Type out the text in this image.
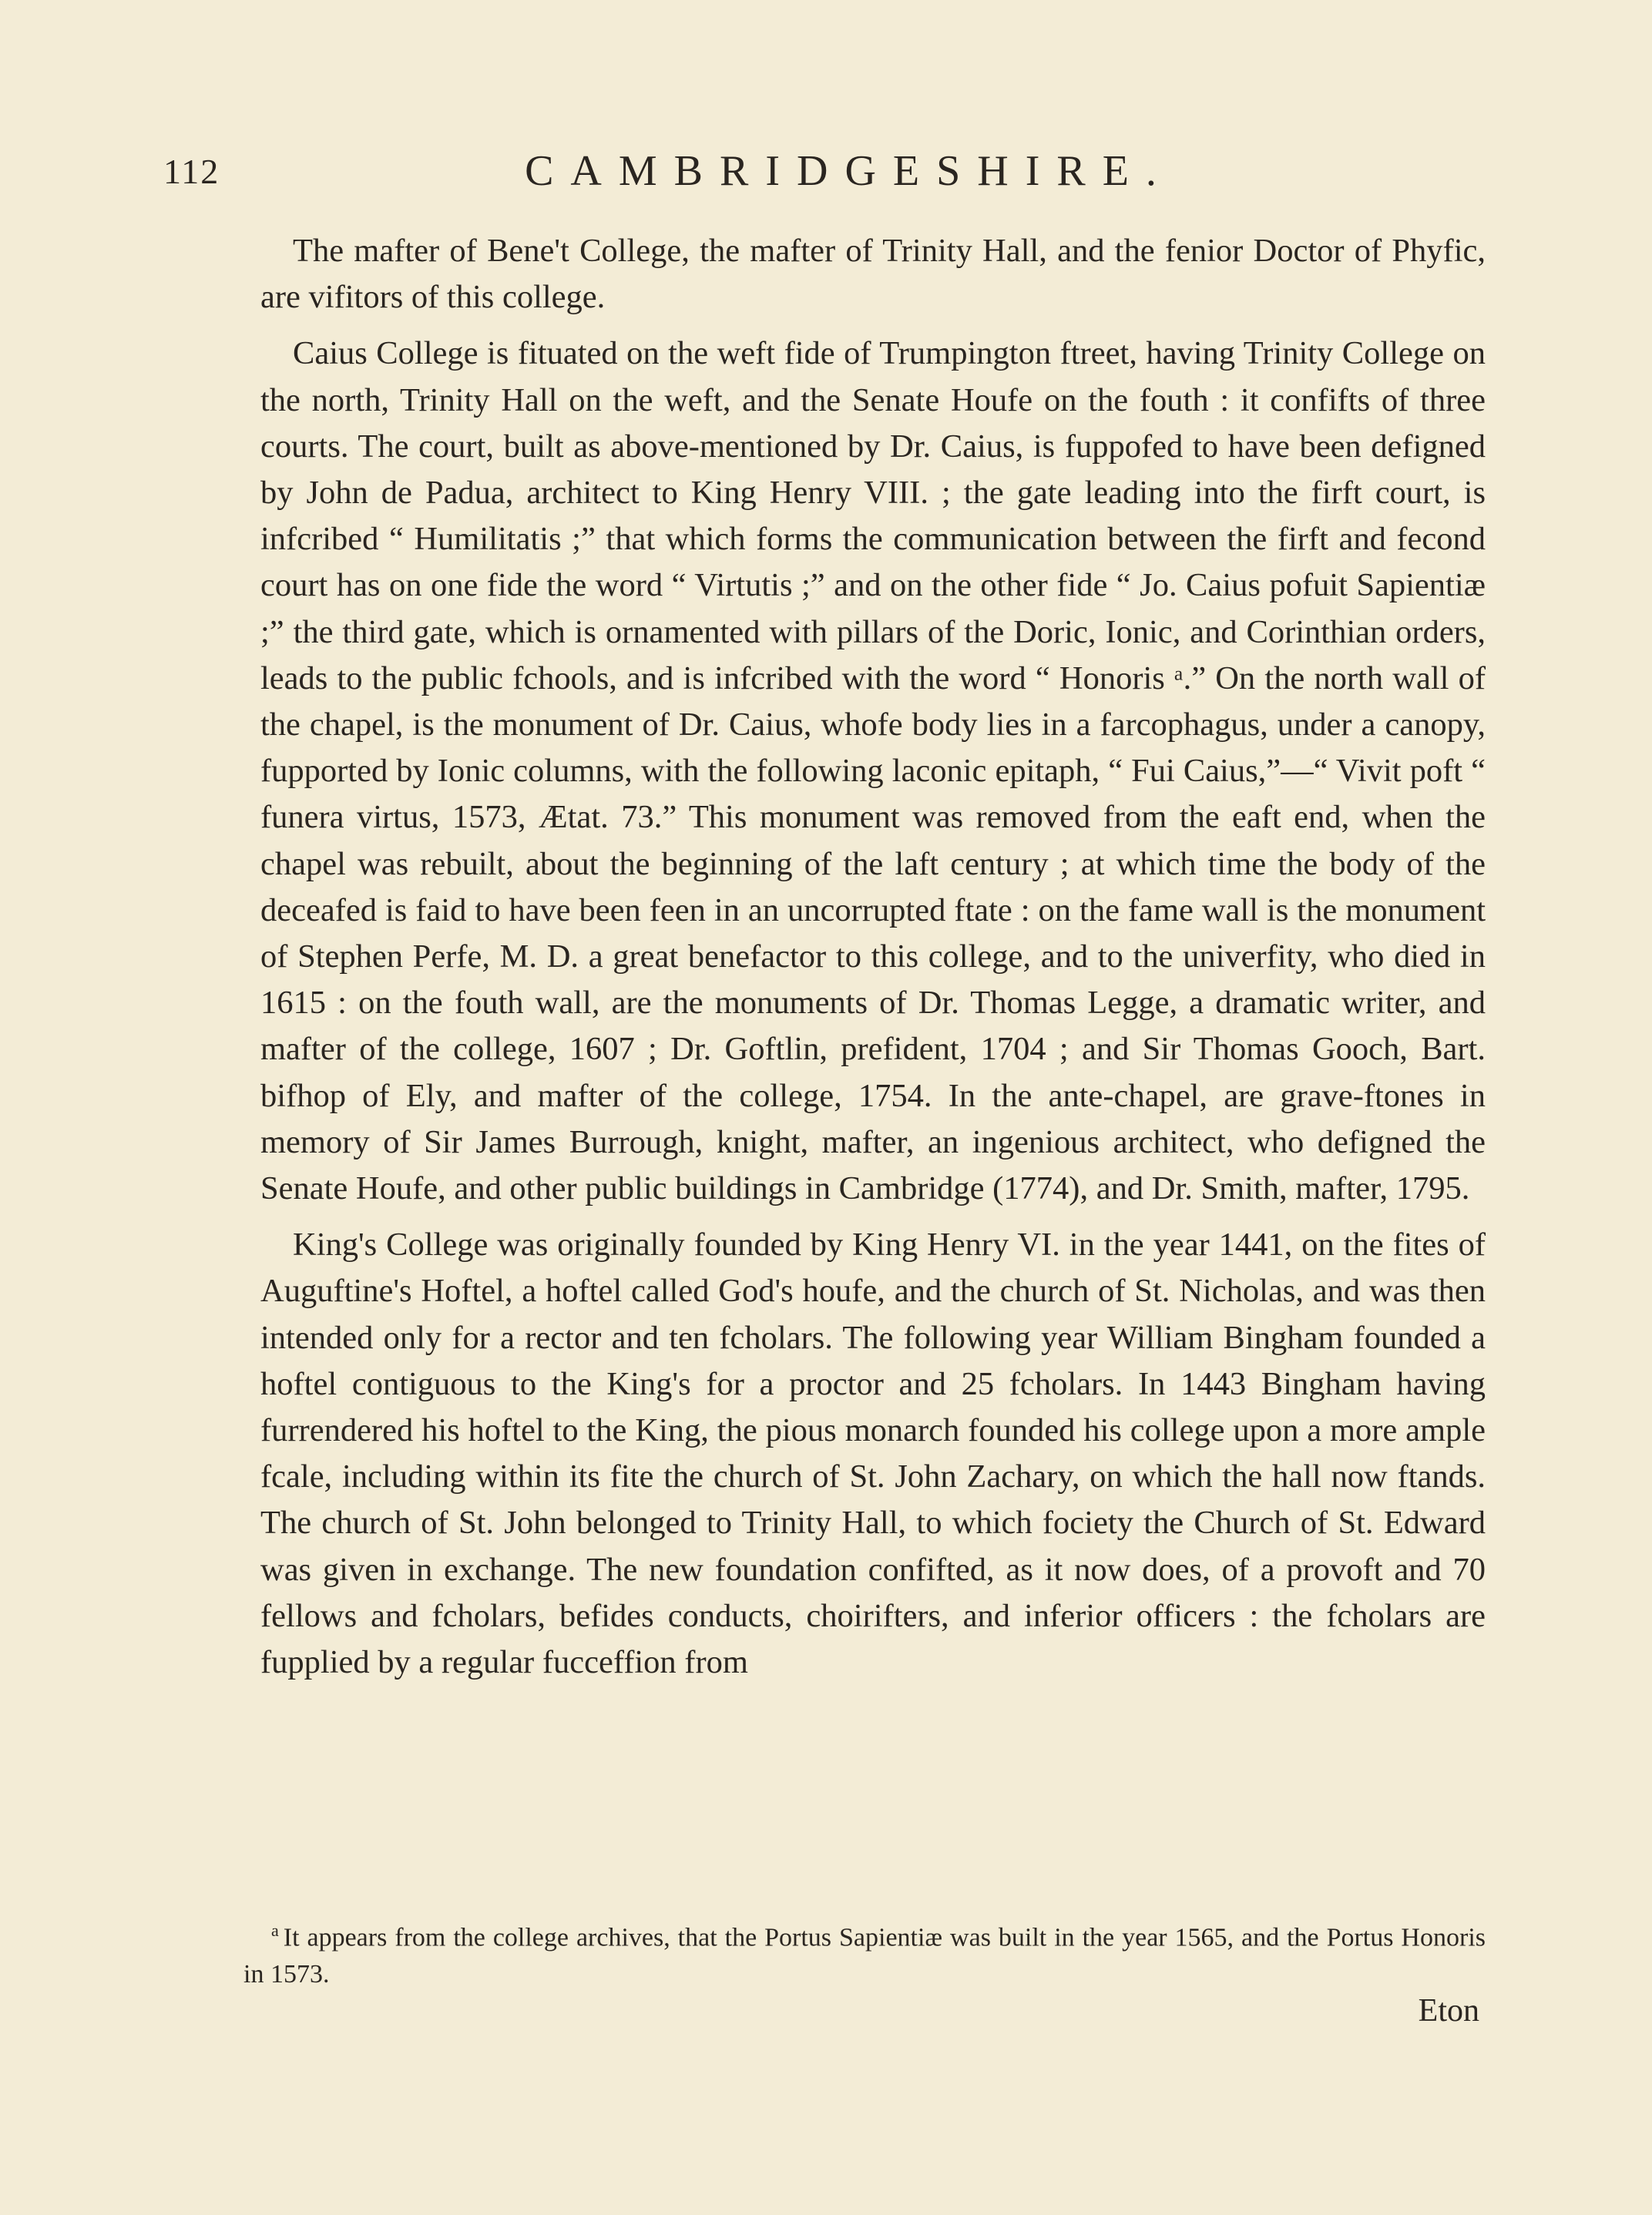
112	CAMBRIDGESHIRE.

The mafter of Bene't College, the mafter of Trinity Hall, and the fenior Doctor of Phyfic, are vifitors of this college.

Caius College is fituated on the weft fide of Trumpington ftreet, having Trinity College on the north, Trinity Hall on the weft, and the Senate Houfe on the fouth : it confifts of three courts. The court, built as above-mentioned by Dr. Caius, is fuppofed to have been defigned by John de Padua, architect to King Henry VIII. ; the gate leading into the firft court, is infcribed “ Humilitatis ;” that which forms the communication between the firft and fecond court has on one fide the word “ Virtutis ;” and on the other fide “ Jo. Caius pofuit Sapientiæ ;” the third gate, which is ornamented with pillars of the Doric, Ionic, and Corinthian orders, leads to the public fchools, and is infcribed with the word “ Honoris ᵃ.” On the north wall of the chapel, is the monument of Dr. Caius, whofe body lies in a farcophagus, under a canopy, fupported by Ionic columns, with the following laconic epitaph, “ Fui Caius,”—“ Vivit poft “ funera virtus, 1573, Ætat. 73.” This monument was removed from the eaft end, when the chapel was rebuilt, about the beginning of the laft century ; at which time the body of the deceafed is faid to have been feen in an uncorrupted ftate : on the fame wall is the monument of Stephen Perfe, M. D. a great benefactor to this college, and to the univerfity, who died in 1615 : on the fouth wall, are the monuments of Dr. Thomas Legge, a dramatic writer, and mafter of the college, 1607 ; Dr. Goftlin, prefident, 1704 ; and Sir Thomas Gooch, Bart. bifhop of Ely, and mafter of the college, 1754. In the ante-chapel, are grave-ftones in memory of Sir James Burrough, knight, mafter, an ingenious architect, who defigned the Senate Houfe, and other public buildings in Cambridge (1774), and Dr. Smith, mafter, 1795.

King's College was originally founded by King Henry VI. in the year 1441, on the fites of Auguftine's Hoftel, a hoftel called God's houfe, and the church of St. Nicholas, and was then intended only for a rector and ten fcholars. The following year William Bingham founded a hoftel contiguous to the King's for a proctor and 25 fcholars. In 1443 Bingham having furrendered his hoftel to the King, the pious monarch founded his college upon a more ample fcale, including within its fite the church of St. John Zachary, on which the hall now ftands. The church of St. John belonged to Trinity Hall, to which fociety the Church of St. Edward was given in exchange. The new foundation confifted, as it now does, of a provoft and 70 fellows and fcholars, befides conducts, choirifters, and inferior officers : the fcholars are fupplied by a regular fucceffion from

$^a$ It appears from the college archives, that the Portus Sapientiæ was built in the year 1565, and the Portus Honoris in 1573.
Eton
